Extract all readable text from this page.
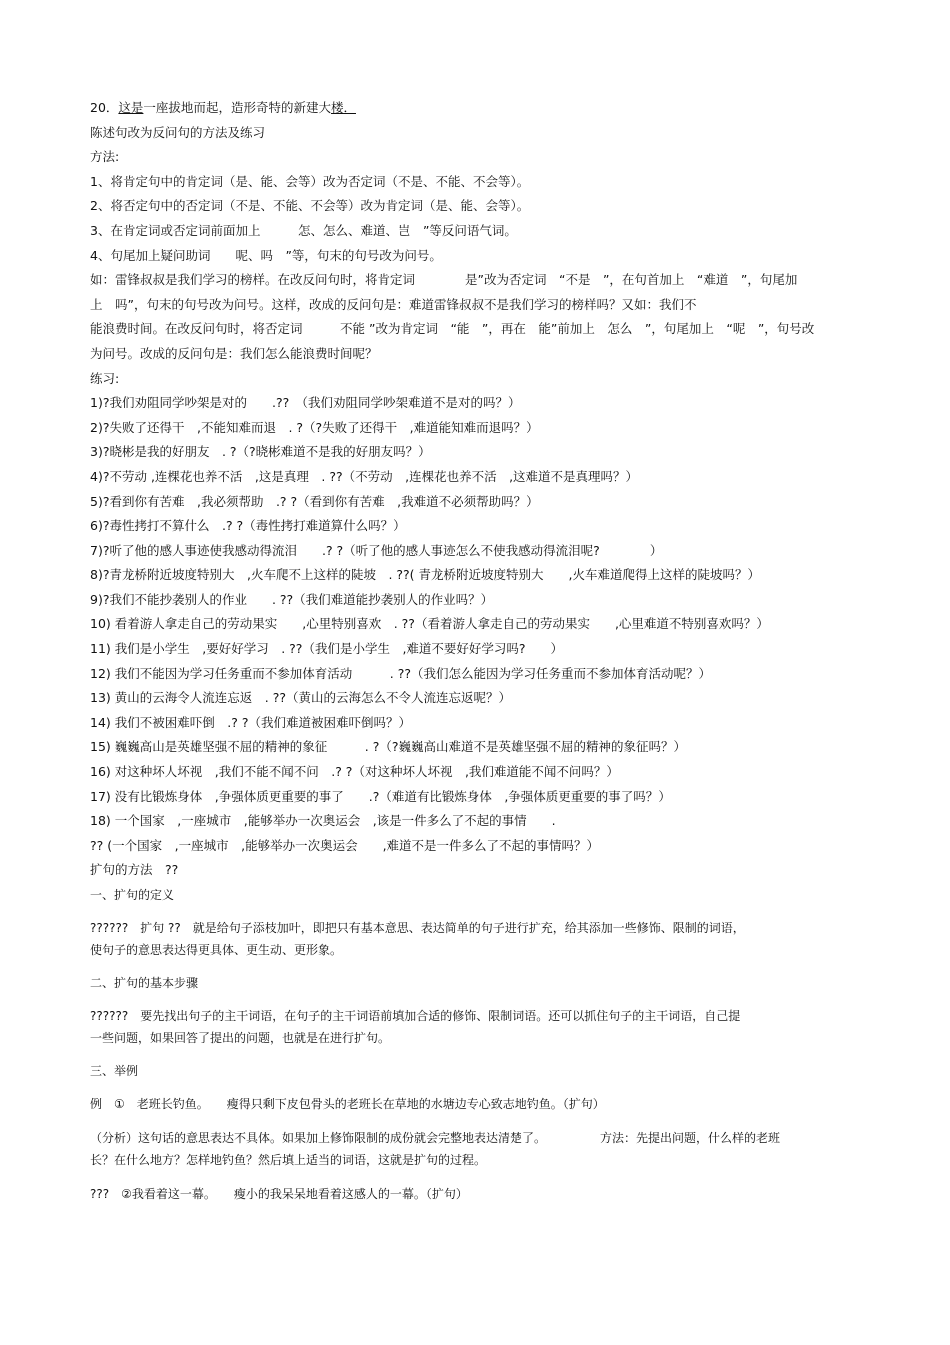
20．这是一座拔地而起，造形奇特的新建大楼．
陈述句改为反问句的方法及练习
方法:
1、将肯定句中的肯定词（是、能、会等）改为否定词（不是、不能、不会等）。
2、将否定句中的否定词（不是、不能、不会等）改为肯定词（是、能、会等）。
3、在肯定词或否定词前面加上　　　怎、怎么、难道、岂　”等反问语气词。
4、句尾加上疑问助词　　呢、吗　”等，句末的句号改为问号。
如：雷锋叔叔是我们学习的榜样。在改反问句时，将肯定词　　　　是”改为否定词　“不是　”，在句首加上　“难道　”，句尾加
上　吗”，句末的句号改为问号。这样，改成的反问句是：难道雷锋叔叔不是我们学习的榜样吗？又如：我们不
能浪费时间。在改反问句时，将否定词　　　不能 ”改为肯定词　“能　”，再在　能”前加上　怎么　”，句尾加上　“呢　”，句号改
为问号。改成的反问句是：我们怎么能浪费时间呢？
练习:
1)?我们劝阻同学吵架是对的　　.??　（我们劝阻同学吵架难道不是对的吗？）
2)?失败了还得干　,不能知难而退　. ?（?失败了还得干　,难道能知难而退吗？）
3)?晓彬是我的好朋友　. ?（?晓彬难道不是我的好朋友吗？）
4)?不劳动 ,连棵花也养不活　,这是真理　. ??（不劳动　,连棵花也养不活　,这难道不是真理吗？）
5)?看到你有苦难　,我必须帮助　.? ?（看到你有苦难　,我难道不必须帮助吗？）
6)?毒性拷打不算什么　.? ?（毒性拷打难道算什么吗？）
7)?听了他的感人事迹使我感动得流泪　　.? ?（听了他的感人事迹怎么不使我感动得流泪呢?　　　　）
8)?青龙桥附近坡度特别大　,火车爬不上这样的陡坡　. ??( 青龙桥附近坡度特别大　　,火车难道爬得上这样的陡坡吗？）
9)?我们不能抄袭别人的作业　　. ??（我们难道能抄袭别人的作业吗？）
10) 看着游人拿走自己的劳动果实　　,心里特别喜欢　. ??（看着游人拿走自己的劳动果实　　,心里难道不特别喜欢吗？）
11) 我们是小学生　,要好好学习　. ??（我们是小学生　,难道不要好好学习吗?　　）
12) 我们不能因为学习任务重而不参加体育活动　　　. ??（我们怎么能因为学习任务重而不参加体育活动呢？）
13) 黄山的云海令人流连忘返　. ??（黄山的云海怎么不令人流连忘返呢？）
14) 我们不被困难吓倒　.? ?（我们难道被困难吓倒吗？）
15) 巍巍高山是英雄坚强不屈的精神的象征　　　. ?（?巍巍高山难道不是英雄坚强不屈的精神的象征吗？）
16) 对这种坏人坏视　,我们不能不闻不问　.? ?（对这种坏人坏视　,我们难道能不闻不问吗？）
17) 没有比锻炼身体　,争强体质更重要的事了　　.?（难道有比锻炼身体　,争强体质更重要的事了吗？）
18) 一个国家　,一座城市　,能够举办一次奥运会　,该是一件多么了不起的事情　　.
?? (一个国家　,一座城市　,能够举办一次奥运会　　,难道不是一件多么了不起的事情吗？）
扩句的方法　??
一、扩句的定义
??????　扩句 ??　就是给句子添枝加叶，即把只有基本意思、表达简单的句子进行扩充，给其添加一些修饰、限制的词语，
使句子的意思表达得更具体、更生动、更形象。
二、扩句的基本步骤
??????　要先找出句子的主干词语，在句子的主干词语前填加合适的修饰、限制词语。还可以抓住句子的主干词语，自己提
一些问题，如果回答了提出的问题，也就是在进行扩句。
三、举例
例　①　老班长钓鱼。　　瘦得只剩下皮包骨头的老班长在草地的水塘边专心致志地钓鱼。（扩句）
（分析）这句话的意思表达不具体。如果加上修饰限制的成份就会完整地表达清楚了。　　　　　方法：先提出问题，什么样的老班
长？在什么地方？怎样地钓鱼？然后填上适当的词语，这就是扩句的过程。
???　②我看着这一幕。　　瘦小的我呆呆地看着这感人的一幕。（扩句）
